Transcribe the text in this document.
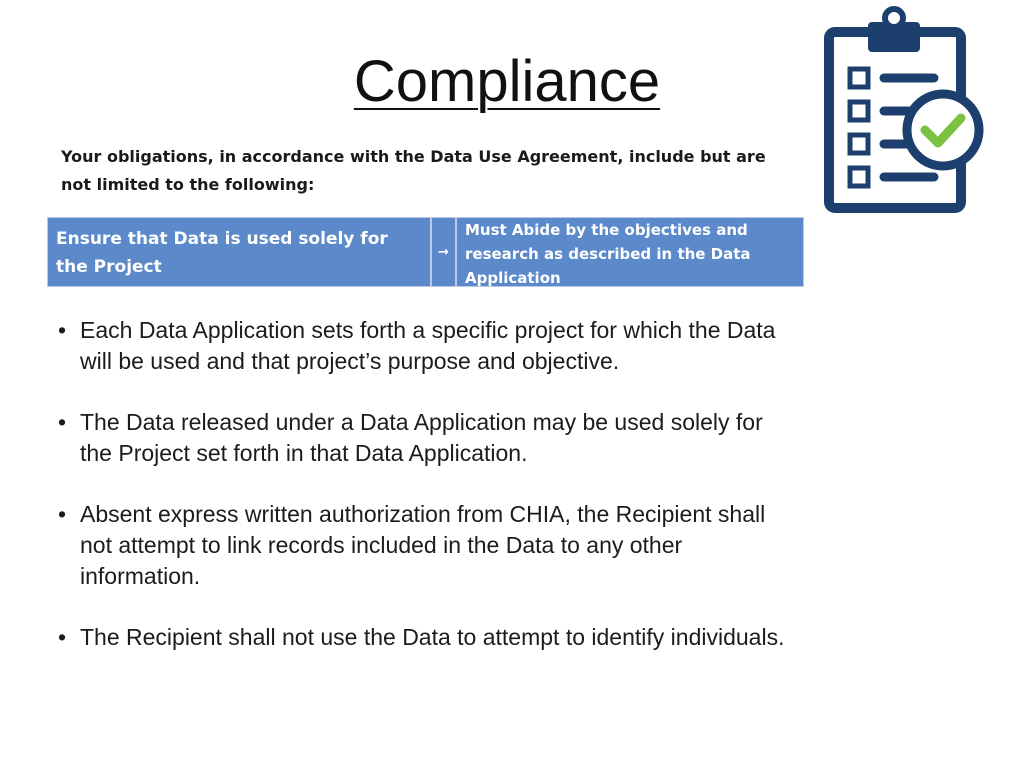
Compliance
Your obligations, in accordance with the Data Use Agreement, include but are not limited to the following:
Ensure that Data is used solely for the Project
→
Must Abide by the objectives and research as described in the Data Application
• Each Data Application sets forth a specific project for which the Data will be used and that project’s purpose and objective.
• The Data released under a Data Application may be used solely for the Project set forth in that Data Application.
• Absent express written authorization from CHIA, the Recipient shall not attempt to link records included in the Data to any other information.
• The Recipient shall not use the Data to attempt to identify individuals.
